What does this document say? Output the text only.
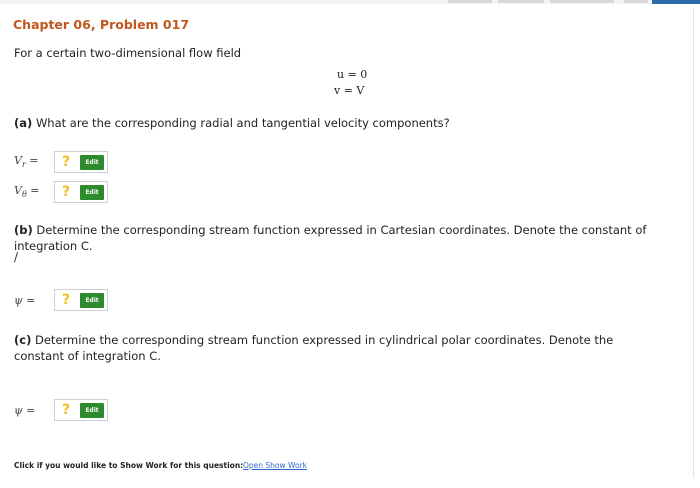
Chapter 06, Problem 017
For a certain two-dimensional flow field
u = 0
v = V
(a) What are the corresponding radial and tangential velocity components?
$V_r$ =	?	Edit
$V_\theta$ =	?	Edit
(b) Determine the corresponding stream function expressed in Cartesian coordinates. Denote the constant of
integration C.
/
ψ =	?	Edit
(c) Determine the corresponding stream function expressed in cylindrical polar coordinates. Denote the
constant of integration C.
ψ =	?	Edit
Click if you would like to Show Work for this question: Open Show Work
